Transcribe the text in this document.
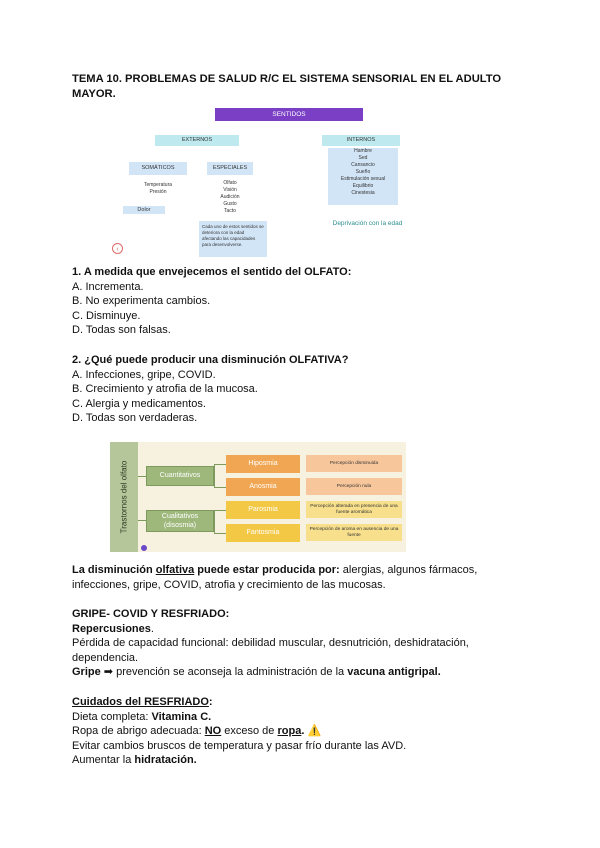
TEMA 10. PROBLEMAS DE SALUD R/C EL SISTEMA SENSORIAL EN EL ADULTO MAYOR.
SENTIDOS
EXTERNOS	INTERNOS
SOMÁTICOS	ESPECIALES
Temperatura
Presión
Dolor
Olfato
Visión
Audición
Gusto
Tacto
Hambre
Sed
Cansancio
Sueño
Estimulación sexual
Equilibrio
Cinestesia
Cada uno de estos sentidos se deteriora con la edad afectando las capacidades para desenvolverse.
Deprivación con la edad
‹
1. A medida que envejecemos el sentido del OLFATO:
A. Incrementa.
B. No experimenta cambios.
C. Disminuye.
D. Todas son falsas.
2. ¿Qué puede producir una disminución OLFATIVA?
A. Infecciones, gripe, COVID.
B. Crecimiento y atrofia de la mucosa.
C. Alergia y medicamentos.
D. Todas son verdaderas.
Trastornos del olfato	Cuantitativos
Cualitativos
(disosmia)
Hiposmia
Anosmia
Parosmia
Fantosmia
Percepción disminuida
Percepción nula
Percepción alterada en presencia de una fuente aromática
Percepción de aroma en ausencia de una fuente
La disminución olfativa puede estar producida por: alergias, algunos fármacos, infecciones, gripe, COVID, atrofia y crecimiento de las mucosas.
GRIPE- COVID Y RESFRIADO:
Repercusiones.
Pérdida de capacidad funcional: debilidad muscular, desnutrición, deshidratación, dependencia.
Gripe ➡ prevención se aconseja la administración de la vacuna antigripal.
Cuidados del RESFRIADO:
Dieta completa: Vitamina C.
Ropa de abrigo adecuada: NO exceso de ropa. ⚠️
Evitar cambios bruscos de temperatura y pasar frío durante las AVD.
Aumentar la hidratación.
